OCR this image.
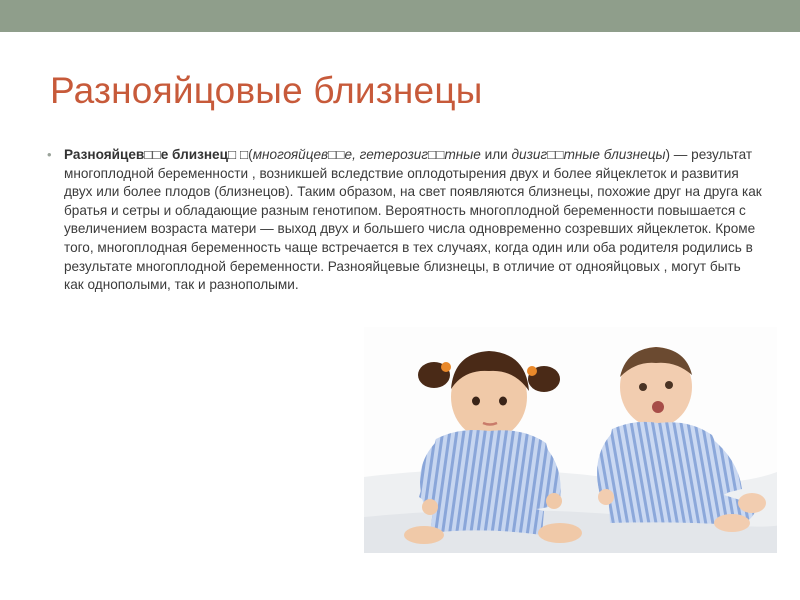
Разнояйцовые близнецы
• Разнояйцев□□е близнец□ □(многояйцев□□е, гетерозиг□□тные или дизиг□□тные близнецы) — результат многоплодной беременности , возникшей вследствие оплодотырения двух и более яйцеклеток и развития двух или более плодов (близнецов). Таким образом, на свет появляются близнецы, похожие друг на друга как братья и сетры и обладающие разным генотипом. Вероятность многоплодной беременности повышается с увеличением возраста матери — выход двух и большего числа одновременно созревших яйцеклеток. Кроме того, многоплодная беременность чаще встречается в тех случаях, когда один или оба родителя родились в результате многоплодной беременности. Разнояйцевые близнецы, в отличие от однояйцовых , могут быть как однополыми, так и разнополыми.
